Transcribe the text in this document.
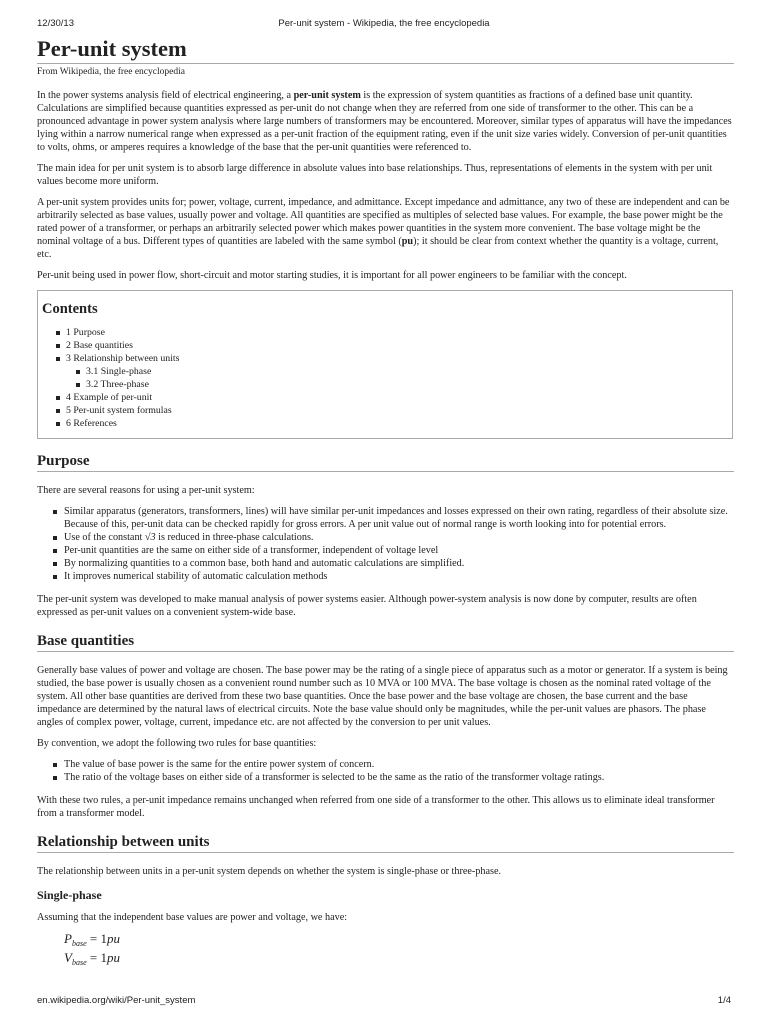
12/30/13	Per-unit system - Wikipedia, the free encyclopedia
Per-unit system
From Wikipedia, the free encyclopedia

In the power systems analysis field of electrical engineering, a per-unit system is the expression of system quantities as fractions of a defined base unit quantity. Calculations are simplified because quantities expressed as per-unit do not change when they are referred from one side of transformer to the other. This can be a pronounced advantage in power system analysis where large numbers of transformers may be encountered. Moreover, similar types of apparatus will have the impedances lying within a narrow numerical range when expressed as a per-unit fraction of the equipment rating, even if the unit size varies widely. Conversion of per-unit quantities to volts, ohms, or amperes requires a knowledge of the base that the per-unit quantities were referenced to.

The main idea for per unit system is to absorb large difference in absolute values into base relationships. Thus, representations of elements in the system with per unit values become more uniform.

A per-unit system provides units for; power, voltage, current, impedance, and admittance. Except impedance and admittance, any two of these are independent and can be arbitrarily selected as base values, usually power and voltage. All quantities are specified as multiples of selected base values. For example, the base power might be the rated power of a transformer, or perhaps an arbitrarily selected power which makes power quantities in the system more convenient. The base voltage might be the nominal voltage of a bus. Different types of quantities are labeled with the same symbol (pu); it should be clear from context whether the quantity is a voltage, current, etc.

Per-unit being used in power flow, short-circuit and motor starting studies, it is important for all power engineers to be familiar with the concept.

Contents
1 Purpose
2 Base quantities
3 Relationship between units
3.1 Single-phase
3.2 Three-phase
4 Example of per-unit
5 Per-unit system formulas
6 References
Purpose

There are several reasons for using a per-unit system:

Similar apparatus (generators, transformers, lines) will have similar per-unit impedances and losses expressed on their own rating, regardless of their absolute size. Because of this, per-unit data can be checked rapidly for gross errors. A per unit value out of normal range is worth looking into for potential errors.
Use of the constant √3 is reduced in three-phase calculations.
Per-unit quantities are the same on either side of a transformer, independent of voltage level
By normalizing quantities to a common base, both hand and automatic calculations are simplified.
It improves numerical stability of automatic calculation methods

The per-unit system was developed to make manual analysis of power systems easier. Although power-system analysis is now done by computer, results are often expressed as per-unit values on a convenient system-wide base.

Base quantities

Generally base values of power and voltage are chosen. The base power may be the rating of a single piece of apparatus such as a motor or generator. If a system is being studied, the base power is usually chosen as a convenient round number such as 10 MVA or 100 MVA. The base voltage is chosen as the nominal rated voltage of the system. All other base quantities are derived from these two base quantities. Once the base power and the base voltage are chosen, the base current and the base impedance are determined by the natural laws of electrical circuits. Note the base value should only be magnitudes, while the per-unit values are phasors. The phase angles of complex power, voltage, current, impedance etc. are not affected by the conversion to per unit values.

By convention, we adopt the following two rules for base quantities:

The value of base power is the same for the entire power system of concern.
The ratio of the voltage bases on either side of a transformer is selected to be the same as the ratio of the transformer voltage ratings.

With these two rules, a per-unit impedance remains unchanged when referred from one side of a transformer to the other. This allows us to eliminate ideal transformer from a transformer model.

Relationship between units

The relationship between units in a per-unit system depends on whether the system is single-phase or three-phase.

Single-phase

Assuming that the independent base values are power and voltage, we have:

$P_{base} = 1pu$
$V_{base} = 1pu$
en.wikipedia.org/wiki/Per-unit_system	1/4
